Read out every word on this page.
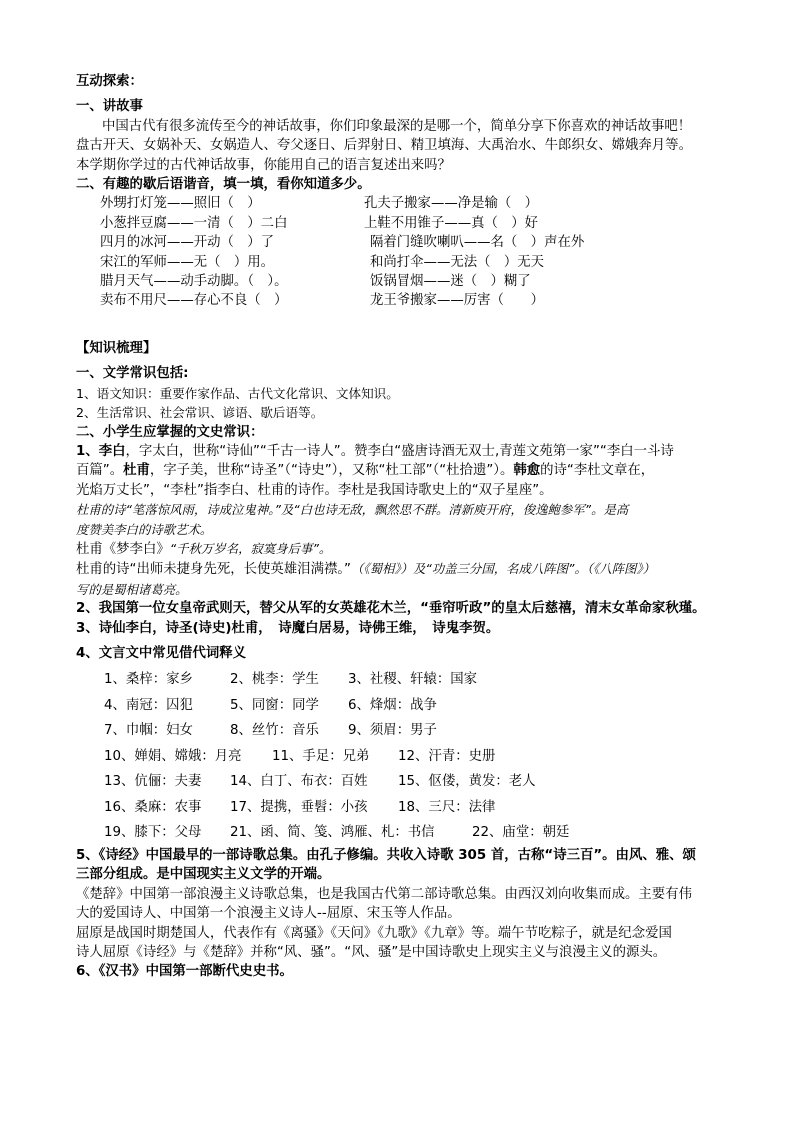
互动探索：
一、讲故事
中国古代有很多流传至今的神话故事，你们印象最深的是哪一个，简单分享下你喜欢的神话故事吧！
盘古开天、女娲补天、女娲造人、夸父逐日、后羿射日、精卫填海、大禹治水、牛郎织女、嫦娥奔月等。
本学期你学过的古代神话故事，你能用自己的语言复述出来吗？
二、有趣的歇后语谐音，填一填，看你知道多少。
外甥打灯笼——照旧（　）	孔夫子搬家——净是输（　）
小葱拌豆腐——一清（　）二白	上鞋不用锥子——真（　）好
四月的冰河——开动（　）了	隔着门缝吹喇叭——名（　）声在外
宋江的军师——无（　）用。	和尚打伞——无法（　）无天
腊月天气——动手动脚。（　）。	饭锅冒烟——迷（　）糊了
卖布不用尺——存心不良（　）	龙王爷搬家——厉害（　　）
【知识梳理】
一、文学常识包括:
1、语文知识：重要作家作品、古代文化常识、文体知识。
2、生活常识、社会常识、谚语、歇后语等。
二、小学生应掌握的文史常识：
1、李白，字太白，世称“诗仙”“千古一诗人”。赞李白“盛唐诗酒无双士,青莲文苑第一家”“李白一斗诗
百篇”。杜甫，字子美，世称“诗圣”（“诗史”），又称“杜工部”（“杜拾遗”）。韩愈的诗“李杜文章在，
光焰万丈长”，“李杜”指李白、杜甫的诗作。李杜是我国诗歌史上的“双子星座”。
杜甫的诗“笔落惊风雨，诗成泣鬼神。”及“白也诗无敌，飘然思不群。清新庾开府，俊逸鲍参军”。是高
度赞美李白的诗歌艺术。
杜甫《梦李白》“千秋万岁名，寂寞身后事”。
杜甫的诗“出师未捷身先死，长使英雄泪满襟。”（《蜀相》）及“功盖三分国，名成八阵图”。（《八阵图》）
写的是蜀相诸葛亮。
2、我国第一位女皇帝武则天，替父从军的女英雄花木兰，“垂帘听政”的皇太后慈禧，清末女革命家秋瑾。
3、诗仙李白，诗圣(诗史)杜甫，　诗魔白居易，诗佛王维，　诗鬼李贺。
4、文言文中常见借代词释义
1、桑梓：家乡	2、桃李：学生	3、社稷、轩辕：国家
4、南冠：囚犯	5、同窗：同学	6、烽烟：战争
7、巾帼：妇女	8、丝竹：音乐	9、须眉：男子
10、婵娟、嫦娥：月亮	11、手足：兄弟	12、汗青：史册
13、伉俪：夫妻	14、白丁、布衣：百姓	15、伛偻，黄发：老人
16、桑麻：农事	17、提携，垂髫：小孩	18、三尺：法律
19、膝下：父母	21、函、简、笺、鸿雁、札：书信	22、庙堂：朝廷
5、《诗经》中国最早的一部诗歌总集。由孔子修编。共收入诗歌 305 首，古称“诗三百”。由风、雅、颂
三部分组成。是中国现实主义文学的开端。
《楚辞》中国第一部浪漫主义诗歌总集，也是我国古代第二部诗歌总集。由西汉刘向收集而成。主要有伟
大的爱国诗人、中国第一个浪漫主义诗人--屈原、宋玉等人作品。
屈原是战国时期楚国人，代表作有《离骚》《天问》《九歌》《九章》等。端午节吃粽子，就是纪念爱国
诗人屈原《诗经》与《楚辞》并称“风、骚”。“风、骚”是中国诗歌史上现实主义与浪漫主义的源头。
6、《汉书》中国第一部断代史史书。
